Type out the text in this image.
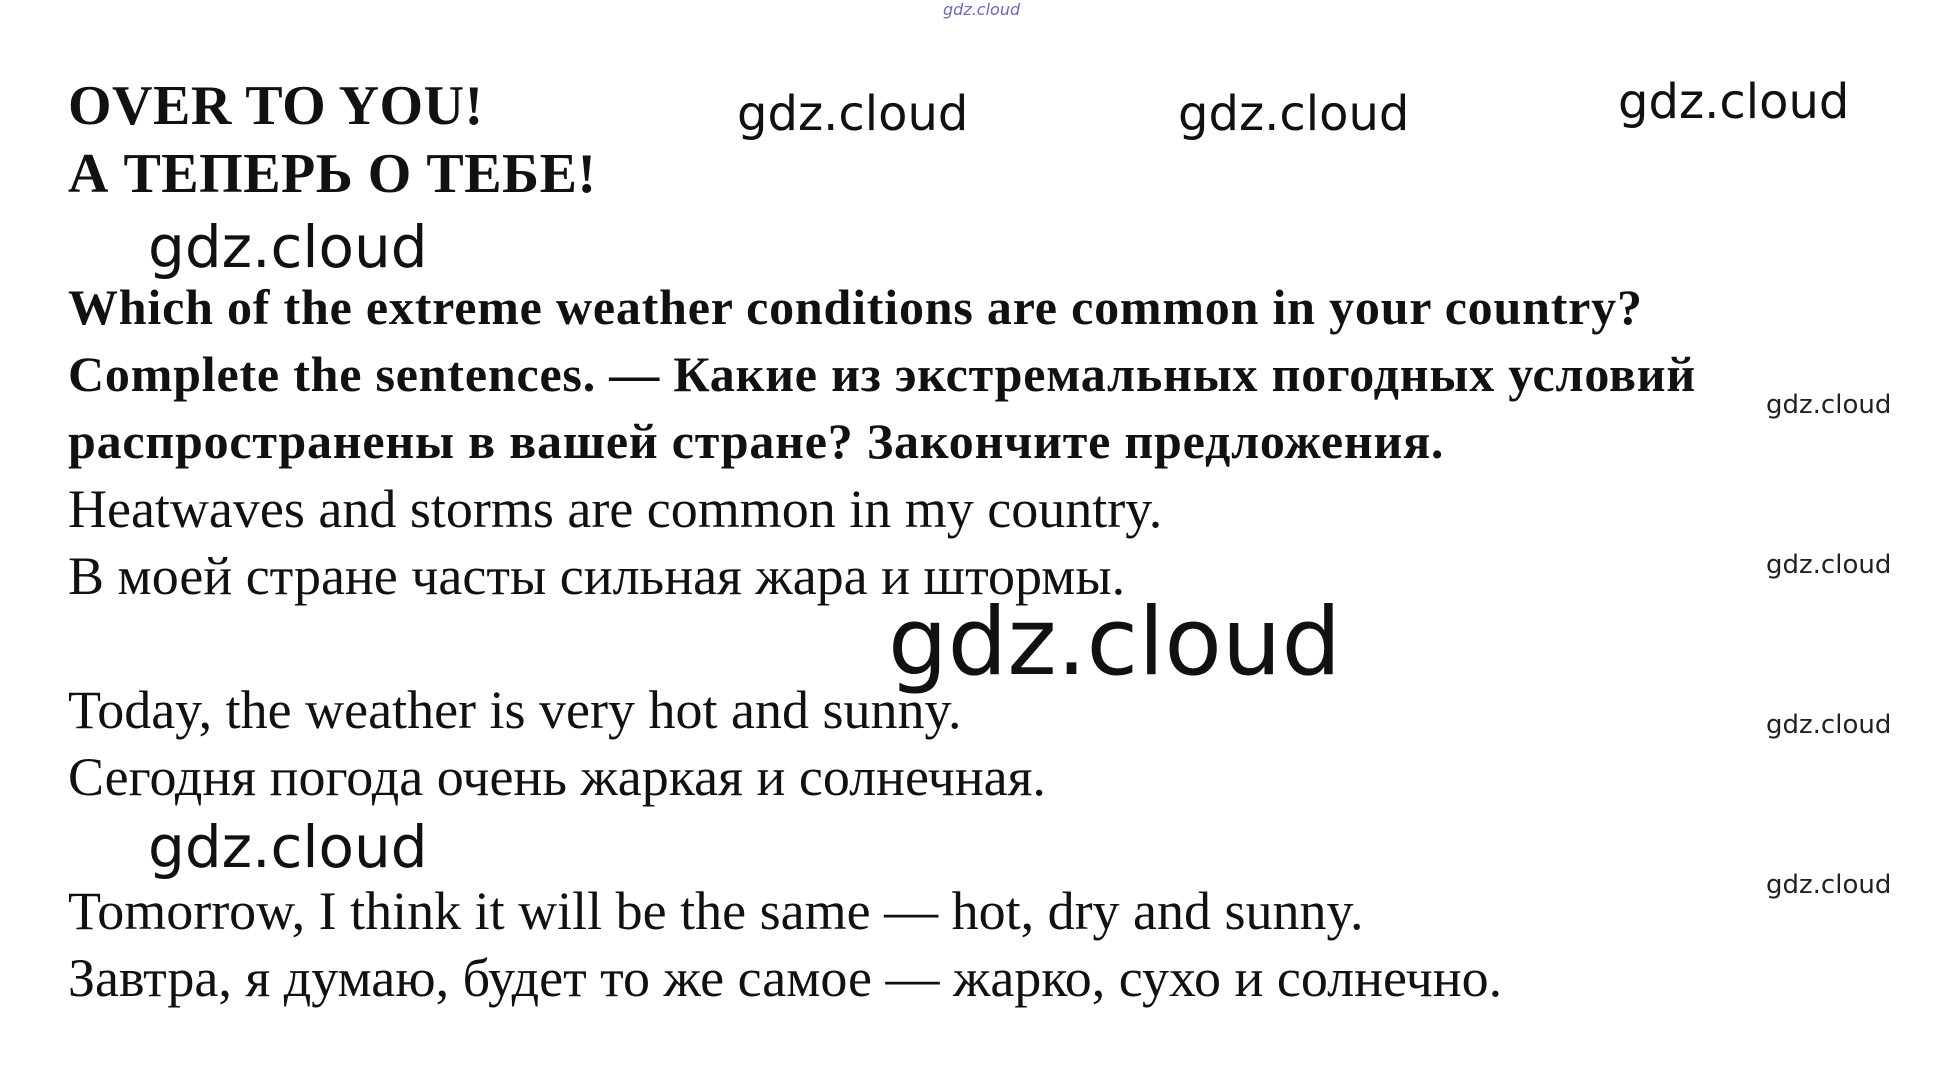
gdz.cloud
OVER TO YOU!
А ТЕПЕРЬ О ТЕБЕ!
gdz.cloud	gdz.cloud	gdz.cloud
gdz.cloud
Which of the extreme weather conditions are common in your country?
Complete the sentences. — Какие из экстремальных погодных условий
распространены в вашей стране? Закончите предложения.
gdz.cloud
gdz.cloud
gdz.cloud
gdz.cloud
Heatwaves and storms are common in my country.
В моей стране часты сильная жара и штормы.
Today, the weather is very hot and sunny.
Сегодня погода очень жаркая и солнечная.
gdz.cloud
gdz.cloud
Tomorrow, I think it will be the same — hot, dry and sunny.
Завтра, я думаю, будет то же самое — жарко, сухо и солнечно.
